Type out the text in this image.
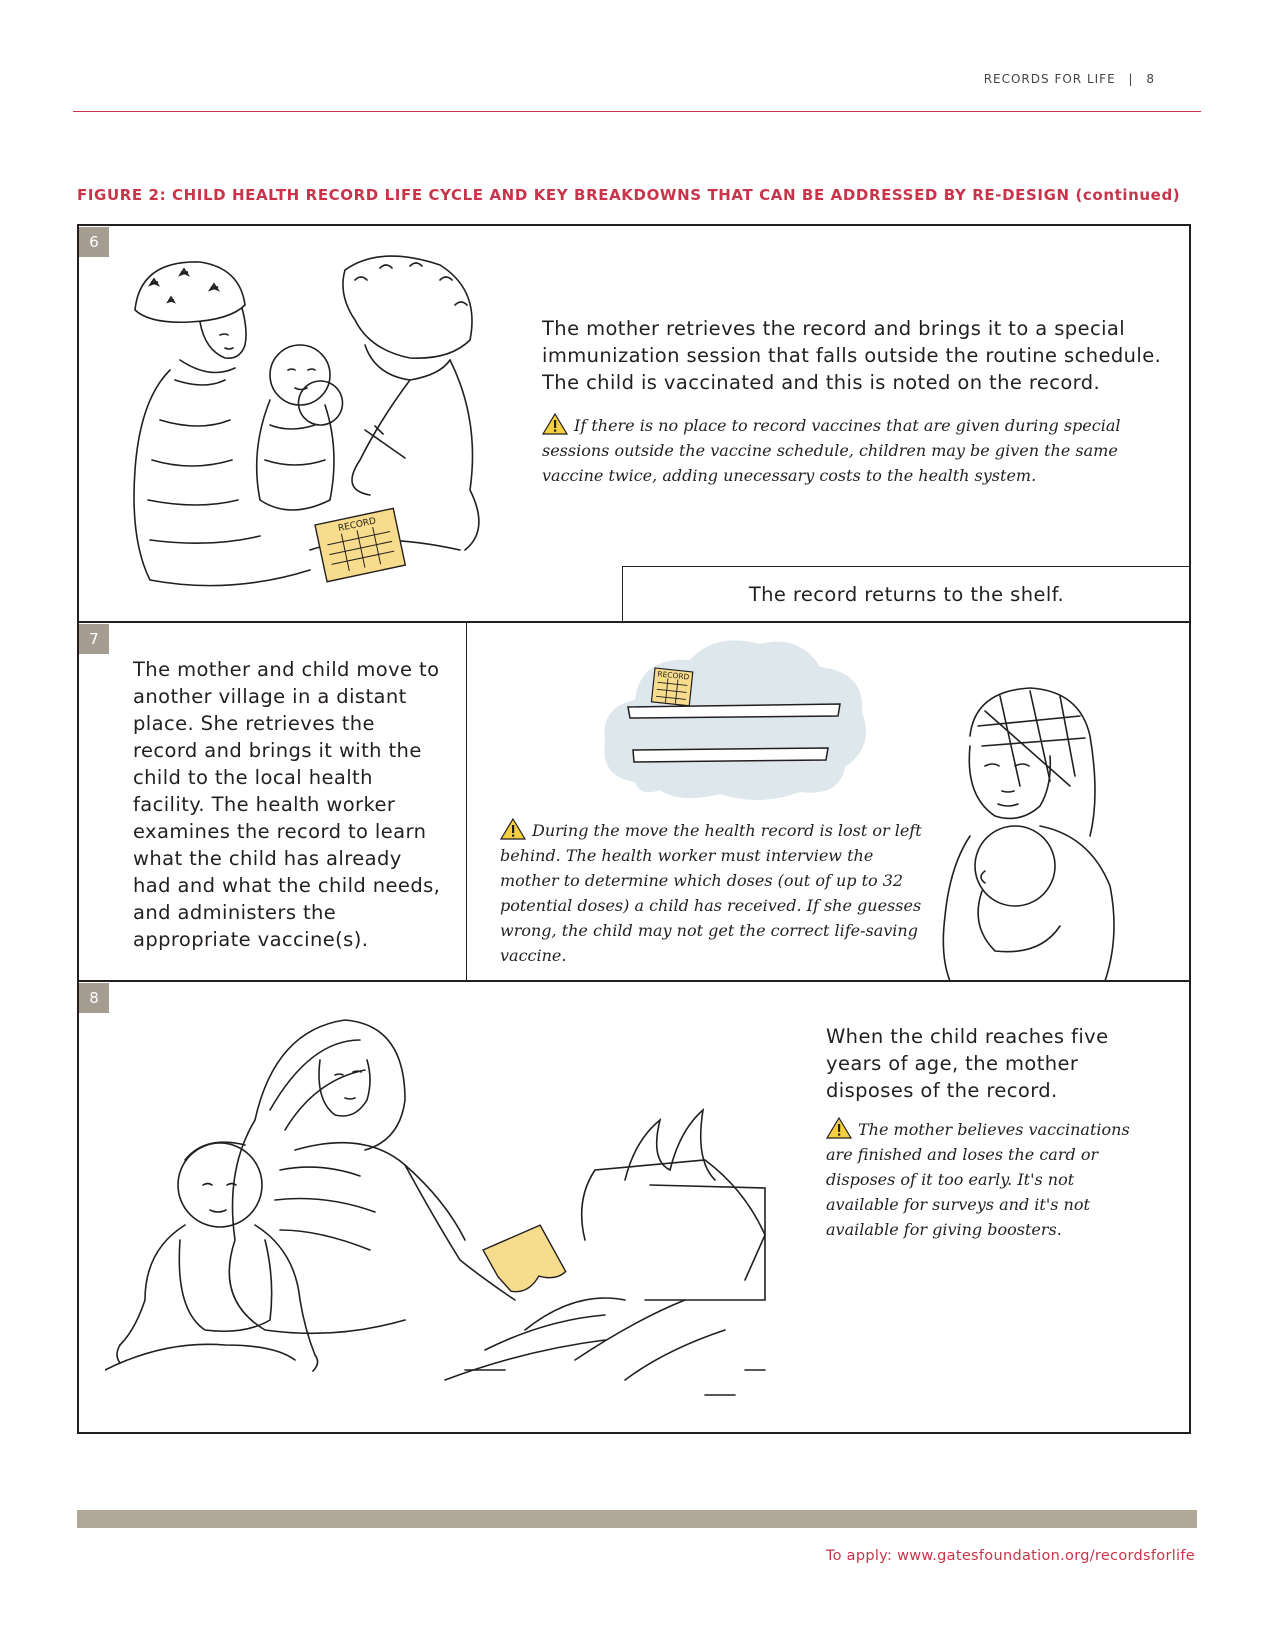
RECORDS FOR LIFE | 8
FIGURE 2: CHILD HEALTH RECORD LIFE CYCLE AND KEY BREAKDOWNS THAT CAN BE ADDRESSED BY RE-DESIGN (continued)
6
RECORD
The mother retrieves the record and brings it to a special immunization session that falls outside the routine schedule. The child is vaccinated and this is noted on the record.
If there is no place to record vaccines that are given during special sessions outside the vaccine schedule, children may be given the same vaccine twice, adding unecessary costs to the health system.
The record returns to the shelf.
7
The mother and child move to another village in a distant place. She retrieves the record and brings it with the child to the local health facility. The health worker examines the record to learn what the child has already had and what the child needs, and administers the appropriate vaccine(s).
RECORD
During the move the health record is lost or left behind. The health worker must interview the mother to determine which doses (out of up to 32 potential doses) a child has received. If she guesses wrong, the child may not get the correct life-saving vaccine.
8
When the child reaches five years of age, the mother disposes of the record.
The mother believes vaccinations are finished and loses the card or disposes of it too early. It's not available for surveys and it's not available for giving boosters.
To apply: www.gatesfoundation.org/recordsforlife
